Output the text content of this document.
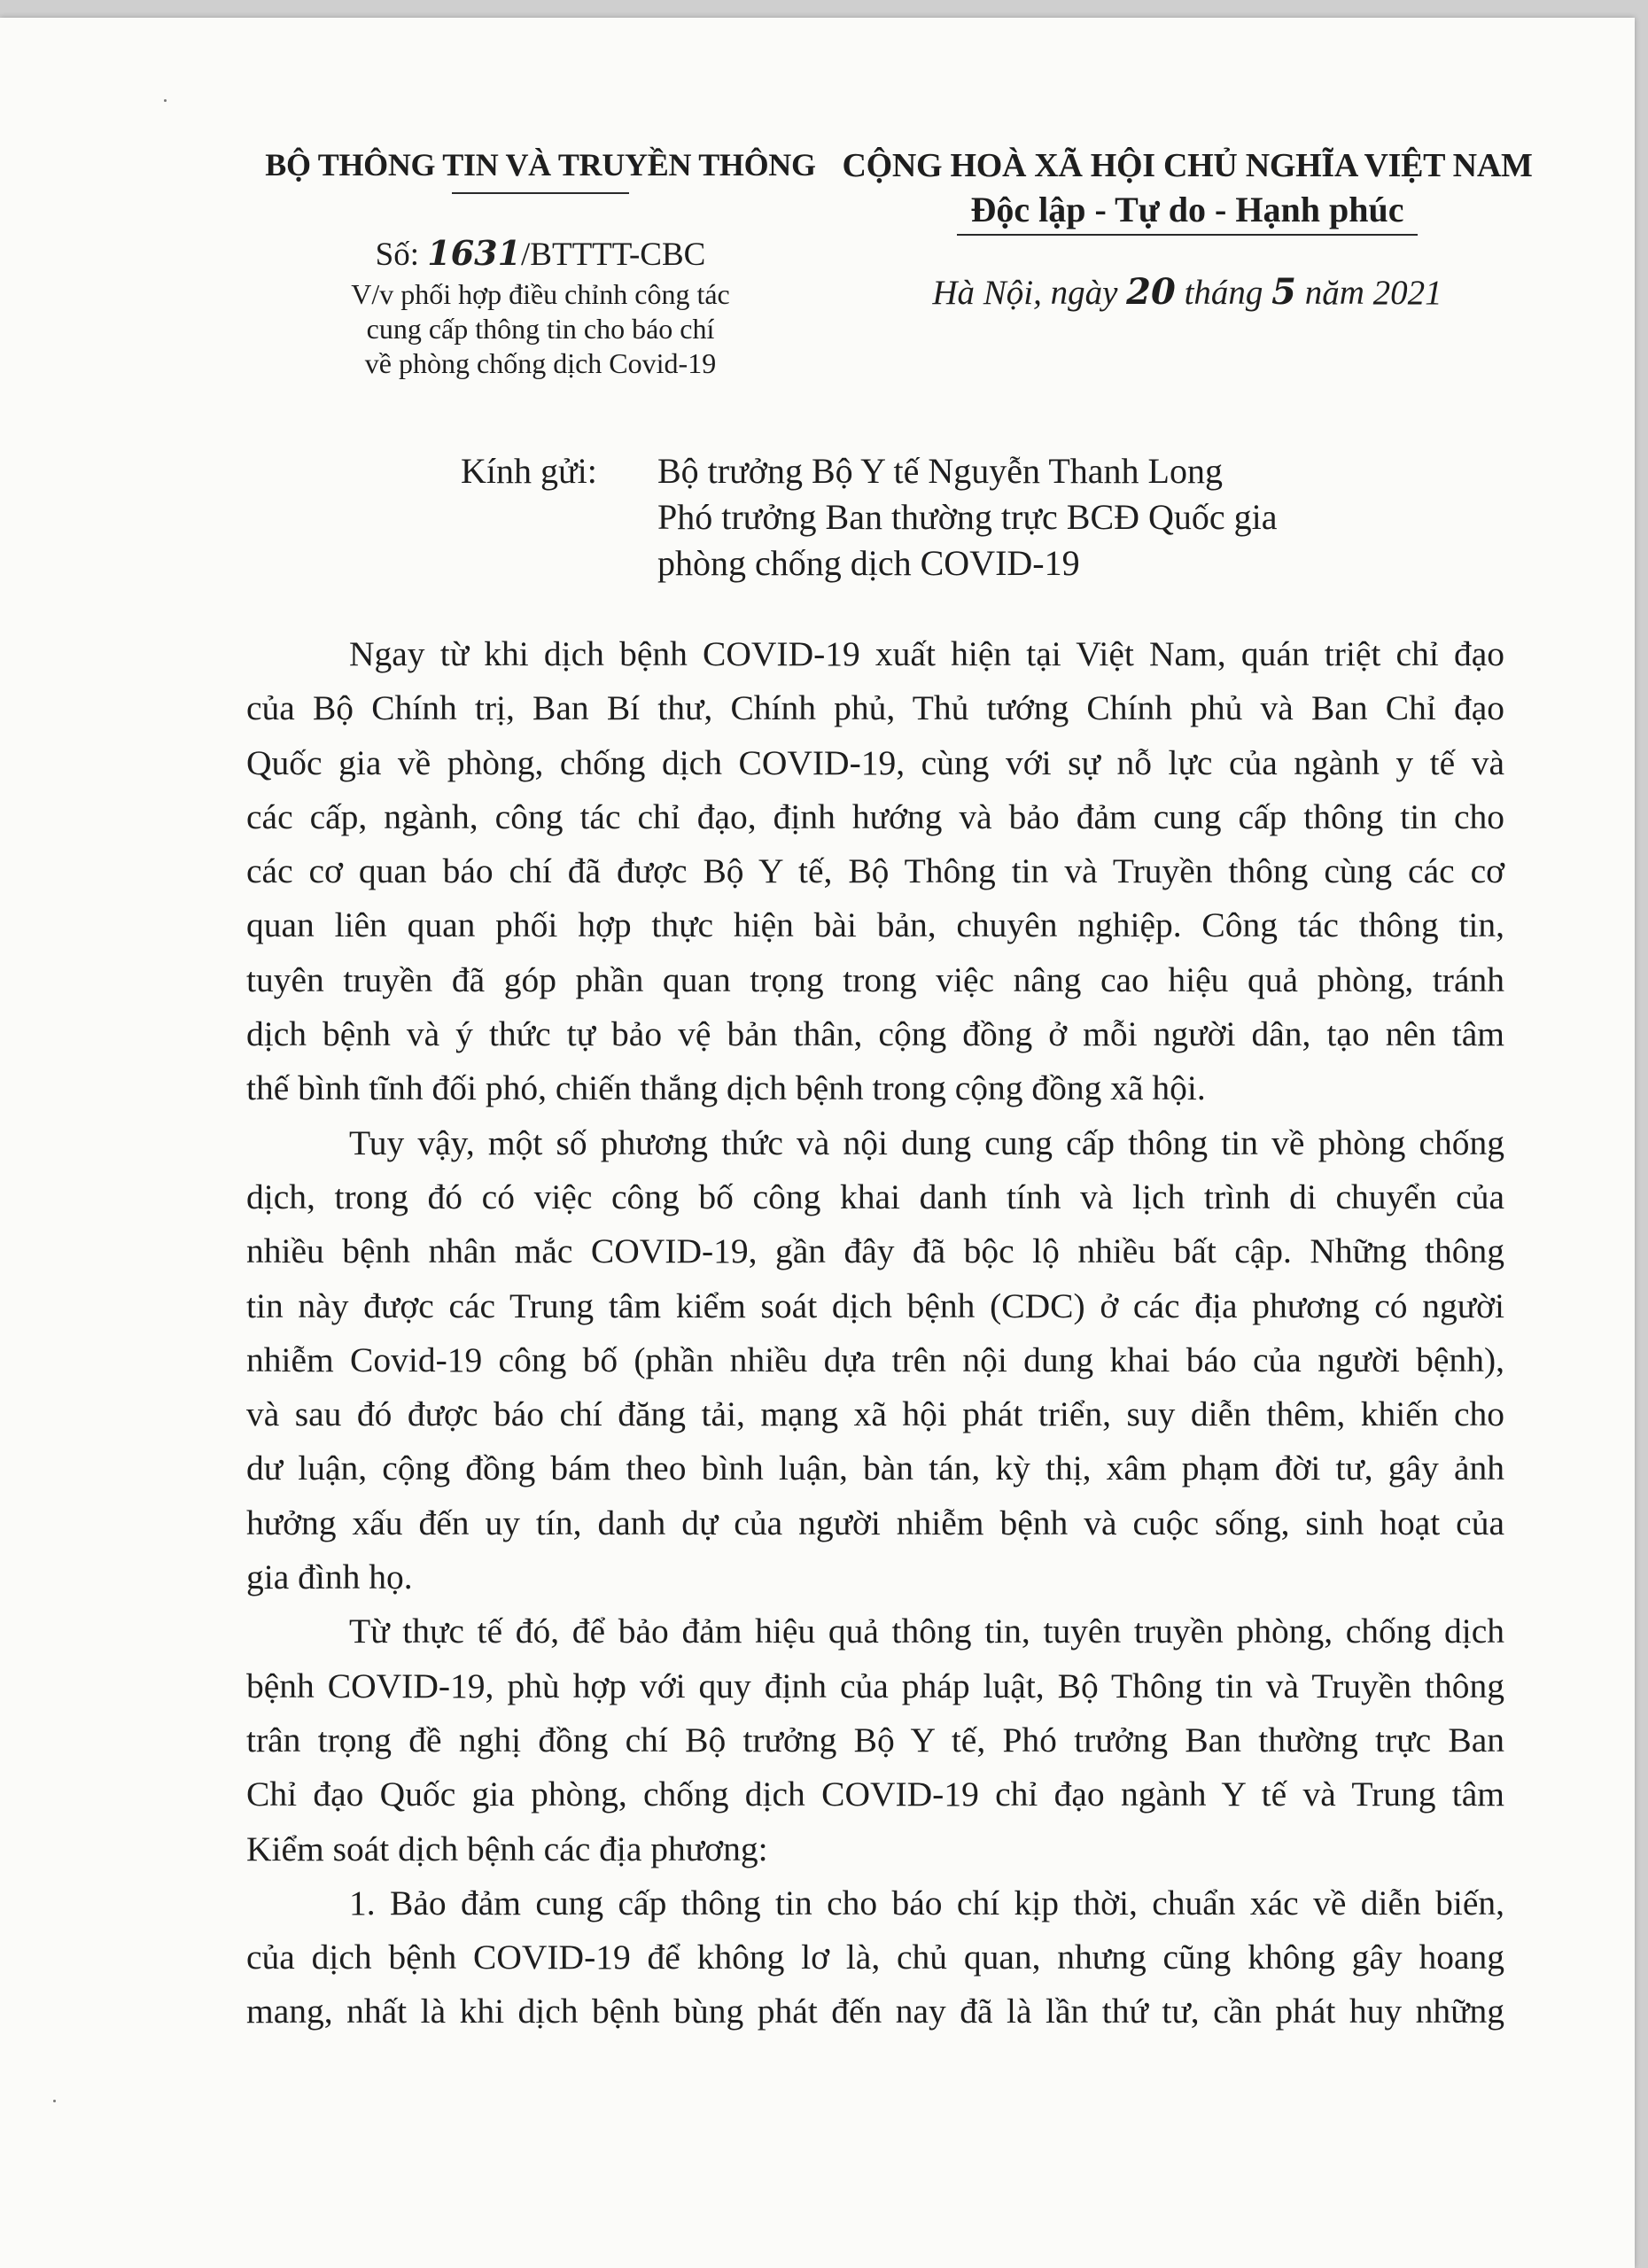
BỘ THÔNG TIN VÀ TRUYỀN THÔNG
Số: 1631/BTTTT-CBC
V/v phối hợp điều chỉnh công tác
cung cấp thông tin cho báo chí
về phòng chống dịch Covid-19
CỘNG HOÀ XÃ HỘI CHỦ NGHĨA VIỆT NAM
Độc lập - Tự do - Hạnh phúc
Hà Nội, ngày 20 tháng 5 năm 2021
Kính gửi: Bộ trưởng Bộ Y tế Nguyễn Thanh Long
Phó trưởng Ban thường trực BCĐ Quốc gia
phòng chống dịch COVID-19
Ngay từ khi dịch bệnh COVID-19 xuất hiện tại Việt Nam, quán triệt chỉ đạo
của Bộ Chính trị, Ban Bí thư, Chính phủ, Thủ tướng Chính phủ và Ban Chỉ đạo
Quốc gia về phòng, chống dịch COVID-19, cùng với sự nỗ lực của ngành y tế và
các cấp, ngành, công tác chỉ đạo, định hướng và bảo đảm cung cấp thông tin cho
các cơ quan báo chí đã được Bộ Y tế, Bộ Thông tin và Truyền thông cùng các cơ
quan liên quan phối hợp thực hiện bài bản, chuyên nghiệp. Công tác thông tin,
tuyên truyền đã góp phần quan trọng trong việc nâng cao hiệu quả phòng, tránh
dịch bệnh và ý thức tự bảo vệ bản thân, cộng đồng ở mỗi người dân, tạo nên tâm
thế bình tĩnh đối phó, chiến thắng dịch bệnh trong cộng đồng xã hội.
Tuy vậy, một số phương thức và nội dung cung cấp thông tin về phòng chống
dịch, trong đó có việc công bố công khai danh tính và lịch trình di chuyển của
nhiều bệnh nhân mắc COVID-19, gần đây đã bộc lộ nhiều bất cập. Những thông
tin này được các Trung tâm kiểm soát dịch bệnh (CDC) ở các địa phương có người
nhiễm Covid-19 công bố (phần nhiều dựa trên nội dung khai báo của người bệnh),
và sau đó được báo chí đăng tải, mạng xã hội phát triển, suy diễn thêm, khiến cho
dư luận, cộng đồng bám theo bình luận, bàn tán, kỳ thị, xâm phạm đời tư, gây ảnh
hưởng xấu đến uy tín, danh dự của người nhiễm bệnh và cuộc sống, sinh hoạt của
gia đình họ.
Từ thực tế đó, để bảo đảm hiệu quả thông tin, tuyên truyền phòng, chống dịch
bệnh COVID-19, phù hợp với quy định của pháp luật, Bộ Thông tin và Truyền thông
trân trọng đề nghị đồng chí Bộ trưởng Bộ Y tế, Phó trưởng Ban thường trực Ban
Chỉ đạo Quốc gia phòng, chống dịch COVID-19 chỉ đạo ngành Y tế và Trung tâm
Kiểm soát dịch bệnh các địa phương:
1. Bảo đảm cung cấp thông tin cho báo chí kịp thời, chuẩn xác về diễn biến,
của dịch bệnh COVID-19 để không lơ là, chủ quan, nhưng cũng không gây hoang
mang, nhất là khi dịch bệnh bùng phát đến nay đã là lần thứ tư, cần phát huy những
